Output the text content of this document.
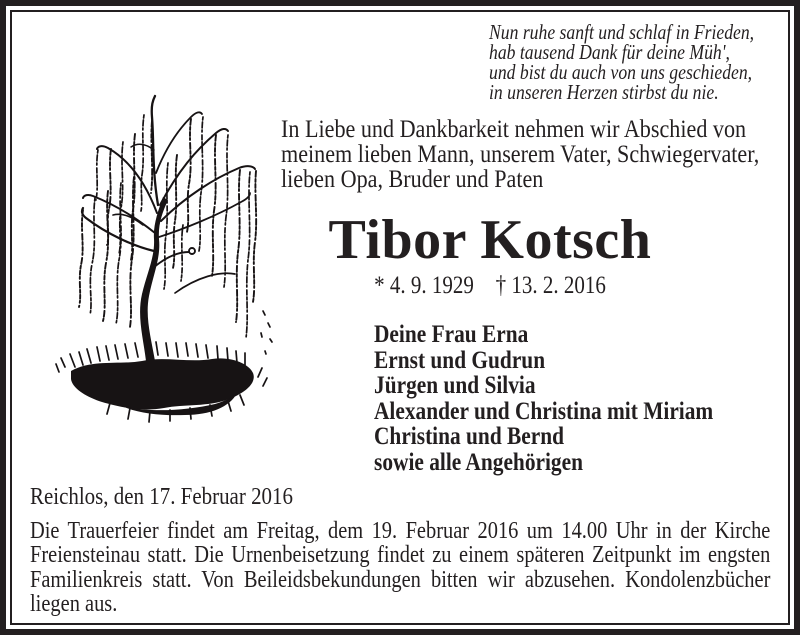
Nun ruhe sanft und schlaf in Frieden,
hab tausend Dank für deine Müh',
und bist du auch von uns geschieden,
in unseren Herzen stirbst du nie.
In Liebe und Dankbarkeit nehmen wir Abschied von
meinem lieben Mann, unserem Vater, Schwiegervater,
lieben Opa, Bruder und Paten
Tibor Kotsch
* 4. 9. 1929 † 13. 2. 2016
Deine Frau Erna
Ernst und Gudrun
Jürgen und Silvia
Alexander und Christina mit Miriam
Christina und Bernd
sowie alle Angehörigen
Reichlos, den 17. Februar 2016
Die Trauerfeier findet am Freitag, dem 19. Februar 2016 um 14.00 Uhr in der Kirche Freiensteinau statt. Die Urnenbeisetzung findet zu einem späteren Zeitpunkt im engsten Familienkreis statt. Von Beileidsbekundungen bitten wir abzusehen. Kondolenzbücher liegen aus.
